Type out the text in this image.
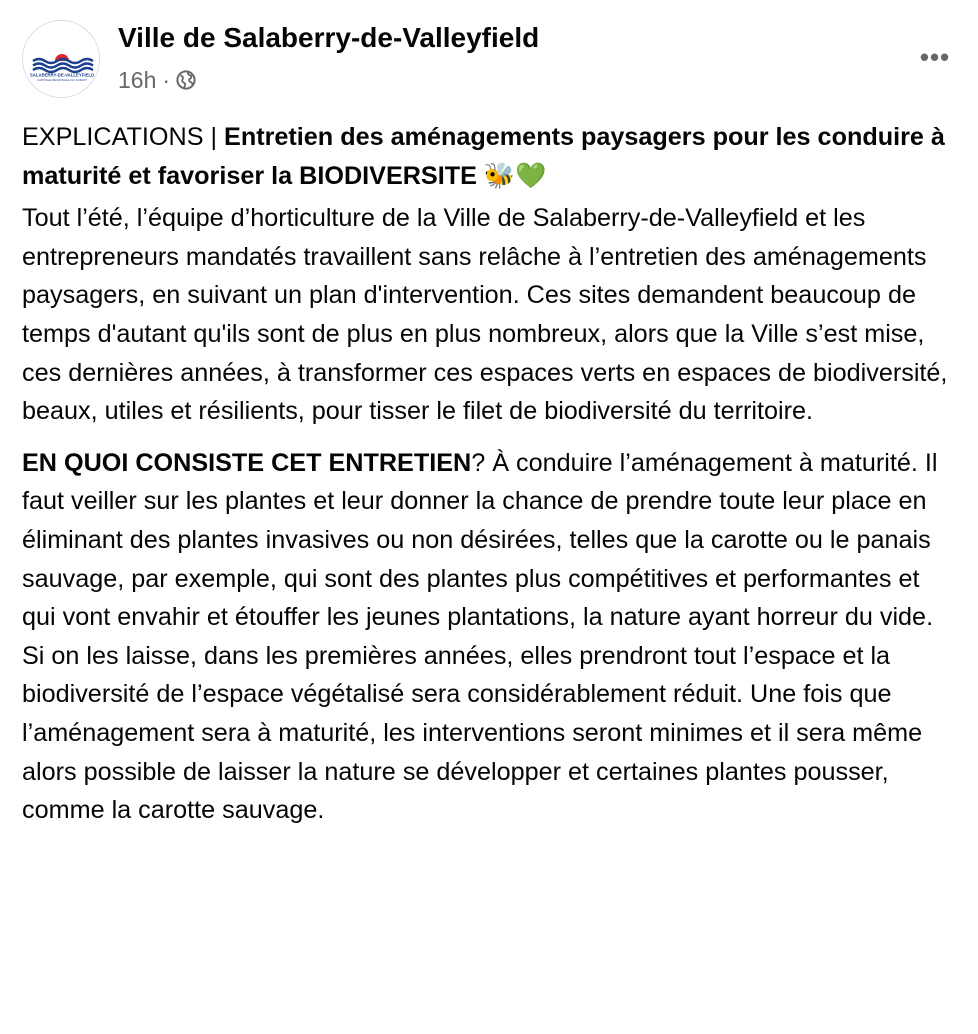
SALABERRY-DE-VALLEYFIELD
CAPITALE RÉGIONALE DU SUROIT
Ville de Salaberry-de-Valleyfield
16h ·
•••

EXPLICATIONS | Entretien des aménagements paysagers pour les conduire à maturité et favoriser la BIODIVERSITE 🐝💚

Tout l’été, l’équipe d’horticulture de la Ville de Salaberry-de-Valleyfield et les entrepreneurs mandatés travaillent sans relâche à l’entretien des aménagements paysagers, en suivant un plan d'intervention. Ces sites demandent beaucoup de temps d'autant qu'ils sont de plus en plus nombreux, alors que la Ville s’est mise, ces dernières années, à transformer ces espaces verts en espaces de biodiversité, beaux, utiles et résilients, pour tisser le filet de biodiversité du territoire.

EN QUOI CONSISTE CET ENTRETIEN? À conduire l’aménagement à maturité. Il faut veiller sur les plantes et leur donner la chance de prendre toute leur place en éliminant des plantes invasives ou non désirées, telles que la carotte ou le panais sauvage, par exemple, qui sont des plantes plus compétitives et performantes et qui vont envahir et étouffer les jeunes plantations, la nature ayant horreur du vide. Si on les laisse, dans les premières années, elles prendront tout l’espace et la biodiversité de l’espace végétalisé sera considérablement réduit. Une fois que l’aménagement sera à maturité, les interventions seront minimes et il sera même alors possible de laisser la nature se développer et certaines plantes pousser, comme la carotte sauvage.
